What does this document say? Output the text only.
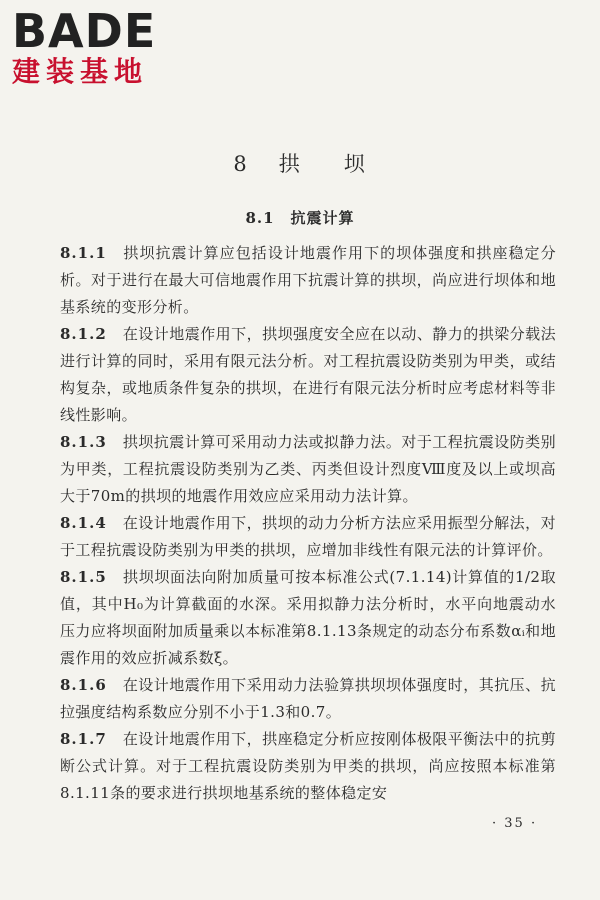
BADE
建装基地
8 拱 坝
8.1 抗震计算

8.1.1 拱坝抗震计算应包括设计地震作用下的坝体强度和拱座稳定分析。对于进行在最大可信地震作用下抗震计算的拱坝，尚应进行坝体和地基系统的变形分析。

8.1.2 在设计地震作用下，拱坝强度安全应在以动、静力的拱梁分载法进行计算的同时，采用有限元法分析。对工程抗震设防类别为甲类，或结构复杂，或地质条件复杂的拱坝，在进行有限元法分析时应考虑材料等非线性影响。

8.1.3 拱坝抗震计算可采用动力法或拟静力法。对于工程抗震设防类别为甲类，工程抗震设防类别为乙类、丙类但设计烈度Ⅷ度及以上或坝高大于70m的拱坝的地震作用效应应采用动力法计算。

8.1.4 在设计地震作用下，拱坝的动力分析方法应采用振型分解法，对于工程抗震设防类别为甲类的拱坝，应增加非线性有限元法的计算评价。

8.1.5 拱坝坝面法向附加质量可按本标准公式(7.1.14)计算值的1/2取值，其中H₀为计算截面的水深。采用拟静力法分析时，水平向地震动水压力应将坝面附加质量乘以本标准第8.1.13条规定的动态分布系数αᵢ和地震作用的效应折减系数ξ。

8.1.6 在设计地震作用下采用动力法验算拱坝坝体强度时，其抗压、抗拉强度结构系数应分别不小于1.3和0.7。

8.1.7 在设计地震作用下，拱座稳定分析应按刚体极限平衡法中的抗剪断公式计算。对于工程抗震设防类别为甲类的拱坝，尚应按照本标准第8.1.11条的要求进行拱坝地基系统的整体稳定安

· 35 ·
